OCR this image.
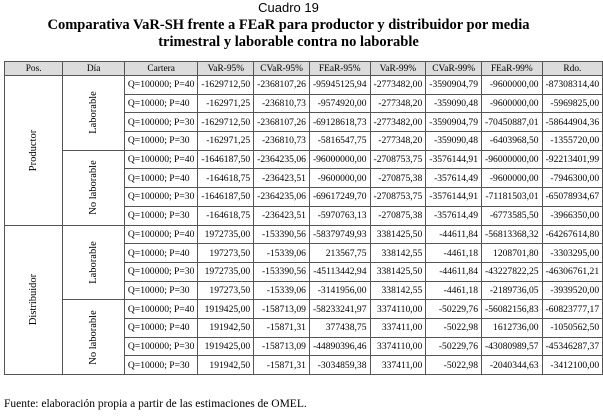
Cuadro 19
Comparativa VaR-SH frente a FEaR para productor y distribuidor por media
trimestral y laborable contra no laborable
Pos.	Día	Cartera	VaR-95%	CVaR-95%	FEaR-95%	VaR-99%	CVaR-99%	FEaR-99%	Rdo.
Productor	Laborable	Q=100000; P=40	-1629712,50	-2368107,26	-95945125,94	-2773482,00	-3590904,79	-9600000,00	-87308314,40
		Q=10000; P=40	-162971,25	-236810,73	-9574920,00	-277348,20	-359090,48	-9600000,00	-5969825,00
		Q=100000; P=30	-1629712,50	-2368107,26	-69128618,73	-2773482,00	-3590904,79	-70450887,01	-58644904,36
		Q=10000; P=30	-162971,25	-236810,73	-5816547,75	-277348,20	-359090,48	-6403968,50	-1355720,00
	No laborable	Q=100000; P=40	-1646187,50	-2364235,06	-96000000,00	-2708753,75	-3576144,91	-96000000,00	-92213401,99
		Q=10000; P=40	-164618,75	-236423,51	-9600000,00	-270875,38	-357614,49	-9600000,00	-7946300,00
		Q=100000; P=30	-1646187,50	-2364235,06	-69617249,70	-2708753,75	-3576144,91	-71181503,01	-65078934,67
		Q=10000; P=30	-164618,75	-236423,51	-5970763,13	-270875,38	-357614,49	-6773585,50	-3966350,00
Distribuidor	Laborable	Q=100000; P=40	1972735,00	-153390,56	-58379749,93	3381425,50	-44611,84	-56813368,32	-64267614,80
		Q=10000; P=40	197273,50	-15339,06	213567,75	338142,55	-4461,18	1208701,80	-3303295,00
		Q=100000; P=30	1972735,00	-153390,56	-45113442,94	3381425,50	-44611,84	-43227822,25	-46306761,21
		Q=10000; P=30	197273,50	-15339,06	-3141956,00	338142,55	-4461,18	-2189736,05	-3939520,00
	No laborable	Q=100000; P=40	1919425,00	-158713,09	-58233241,97	3374110,00	-50229,76	-56082156,83	-60823777,17
		Q=10000; P=40	191942,50	-15871,31	377438,75	337411,00	-5022,98	1612736,00	-1050562,50
		Q=100000; P=30	1919425,00	-158713,09	-44890396,46	3374110,00	-50229,76	-43080989,57	-45346287,37
		Q=10000; P=30	191942,50	-15871,31	-3034859,38	337411,00	-5022,98	-2040344,63	-3412100,00
Fuente: elaboración propia a partir de las estimaciones de OMEL.
